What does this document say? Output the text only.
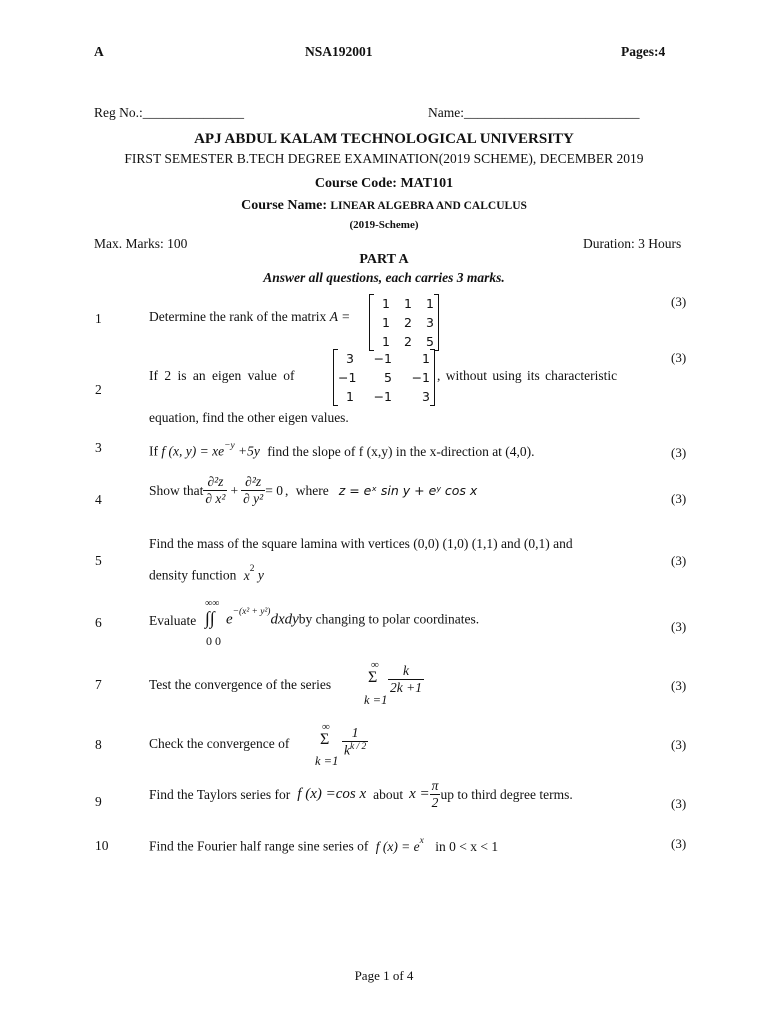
A	NSA192001	Pages:4
Reg No.:_______________	Name:__________________________
APJ ABDUL KALAM TECHNOLOGICAL UNIVERSITY
FIRST SEMESTER B.TECH DEGREE EXAMINATION(2019 SCHEME), DECEMBER 2019
Course Code: MAT101
Course Name: LINEAR ALGEBRA AND CALCULUS
(2019-Scheme)
Max. Marks: 100	Duration: 3 Hours
PART A
Answer all questions, each carries 3 marks.
1	Determine the rank of the matrix A =
1	1	1
1	2	3
1	2	5
(3)
2
If 2 is an eigen value of
3	−1	1
−1	5	−1
1	−1	3
, without using its characteristic
equation, find the other eigen values.
(3)
3	If f (x, $y) = xe^{-y} +5y$ find the slope of f (x,y) in the x-direction at (4,0).	(3)
4
Show that $\frac{\text{∂²z}}{\text{∂ x²}} + \frac{\text{∂²z}}{\text{∂ y²}} = 0$ , where z = eˣ sin y + eʸ cos x
(3)
5
Find the mass of the square lamina with vertices (0,0) (1,0) (1,1) and (0,1) and
density function $x^2$ y
(3)
6	Evaluate
∞∞
∫∫
0 0
$e^{-(x^2 + y^2)}dxdyby$ changing to polar coordinates.	(3)
7	Test the convergence of the series
∞
Σ
k =1
$\frac{k}{2k +1}$	(3)
8	Check the convergence of
∞
Σ
k =1
$\frac{1}{k^{k / 2}}$	(3)
9	Find the Taylors series for f (x) =cos x about $x = \frac{\pi}{2}$ up to third degree terms.
(3)
10	Find the Fourier half range sine series of f $(x) = e^x$ in 0 < x < 1	(3)
Page 1 of 4
